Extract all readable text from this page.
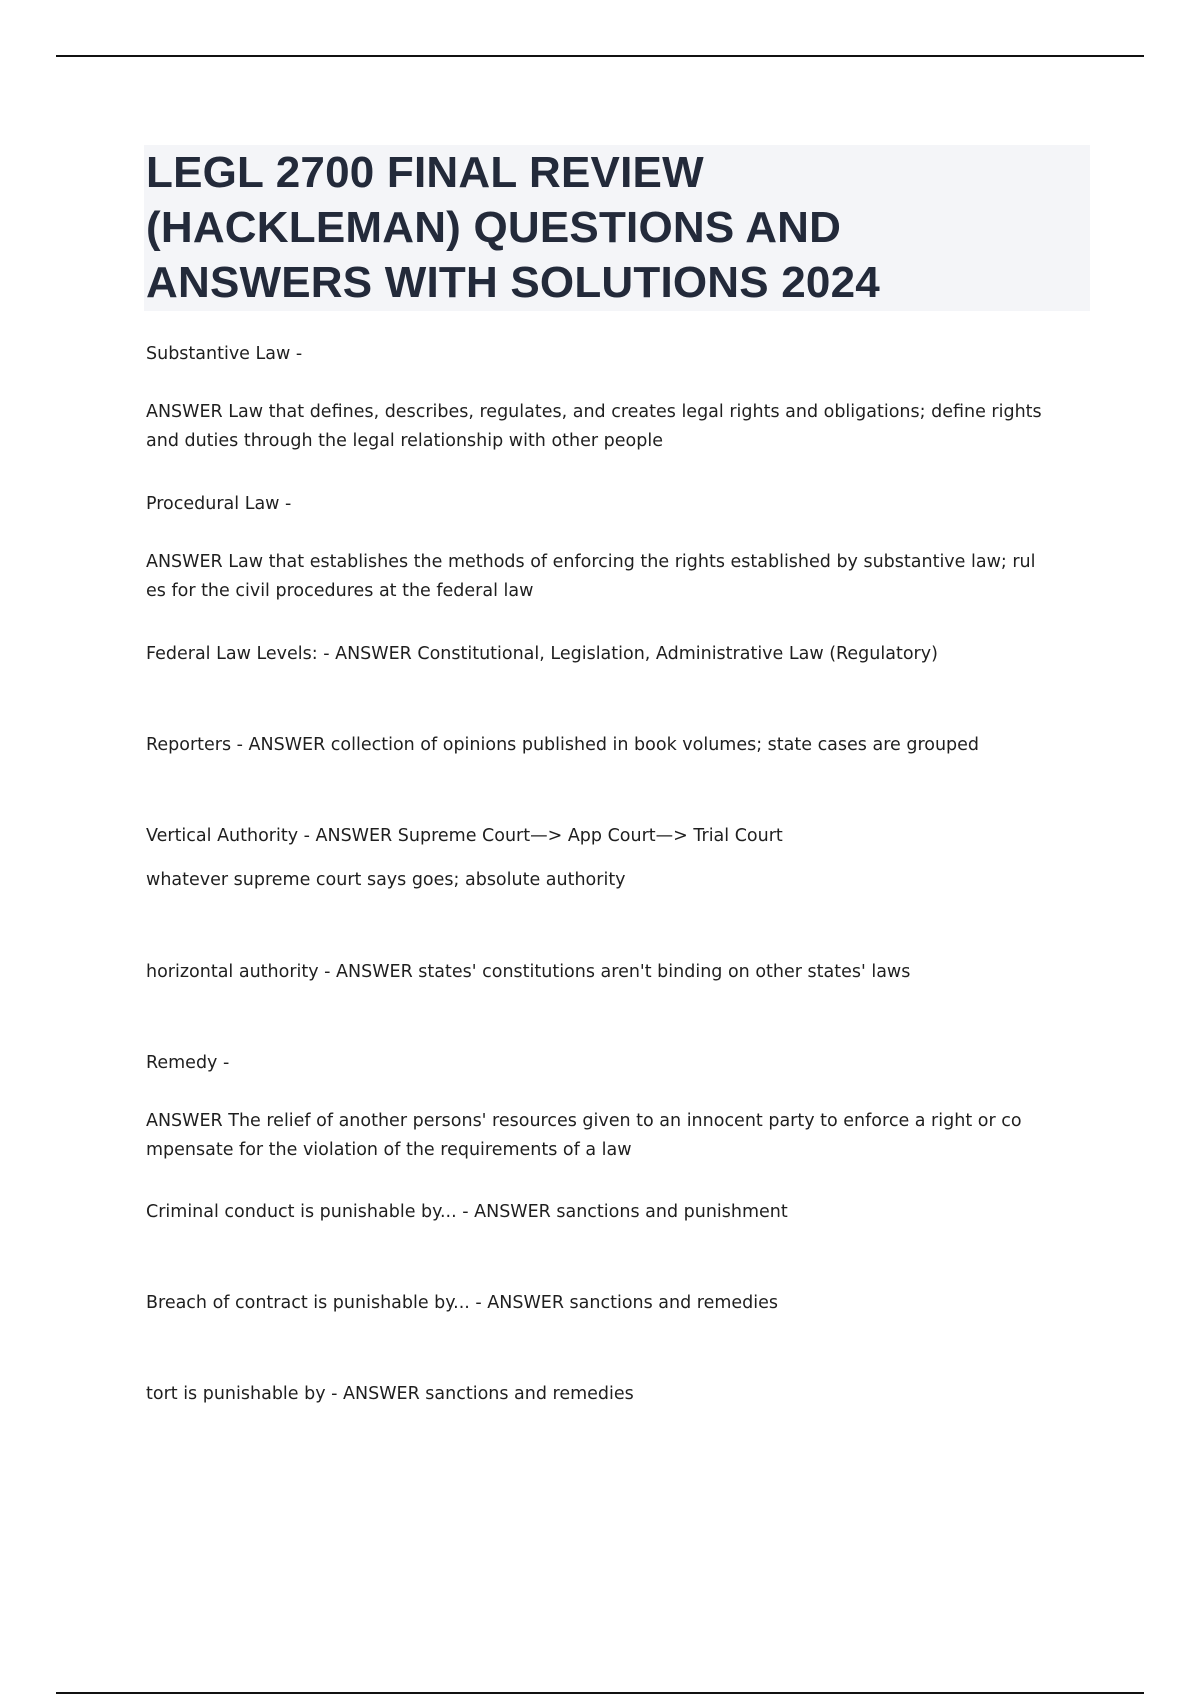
LEGL 2700 FINAL REVIEW
(HACKLEMAN) QUESTIONS AND
ANSWERS WITH SOLUTIONS 2024

Substantive Law -

ANSWER Law that defines, describes, regulates, and creates legal rights and obligations; define rights
and duties through the legal relationship with other people

Procedural Law -

ANSWER Law that establishes the methods of enforcing the rights established by substantive law; rul
es for the civil procedures at the federal law

Federal Law Levels: - ANSWER Constitutional, Legislation, Administrative Law (Regulatory)

Reporters - ANSWER collection of opinions published in book volumes; state cases are grouped

Vertical Authority - ANSWER Supreme Court—> App Court—> Trial Court

whatever supreme court says goes; absolute authority

horizontal authority - ANSWER states' constitutions aren't binding on other states' laws

Remedy -

ANSWER The relief of another persons' resources given to an innocent party to enforce a right or co
mpensate for the violation of the requirements of a law

Criminal conduct is punishable by... - ANSWER sanctions and punishment

Breach of contract is punishable by... - ANSWER sanctions and remedies

tort is punishable by - ANSWER sanctions and remedies
